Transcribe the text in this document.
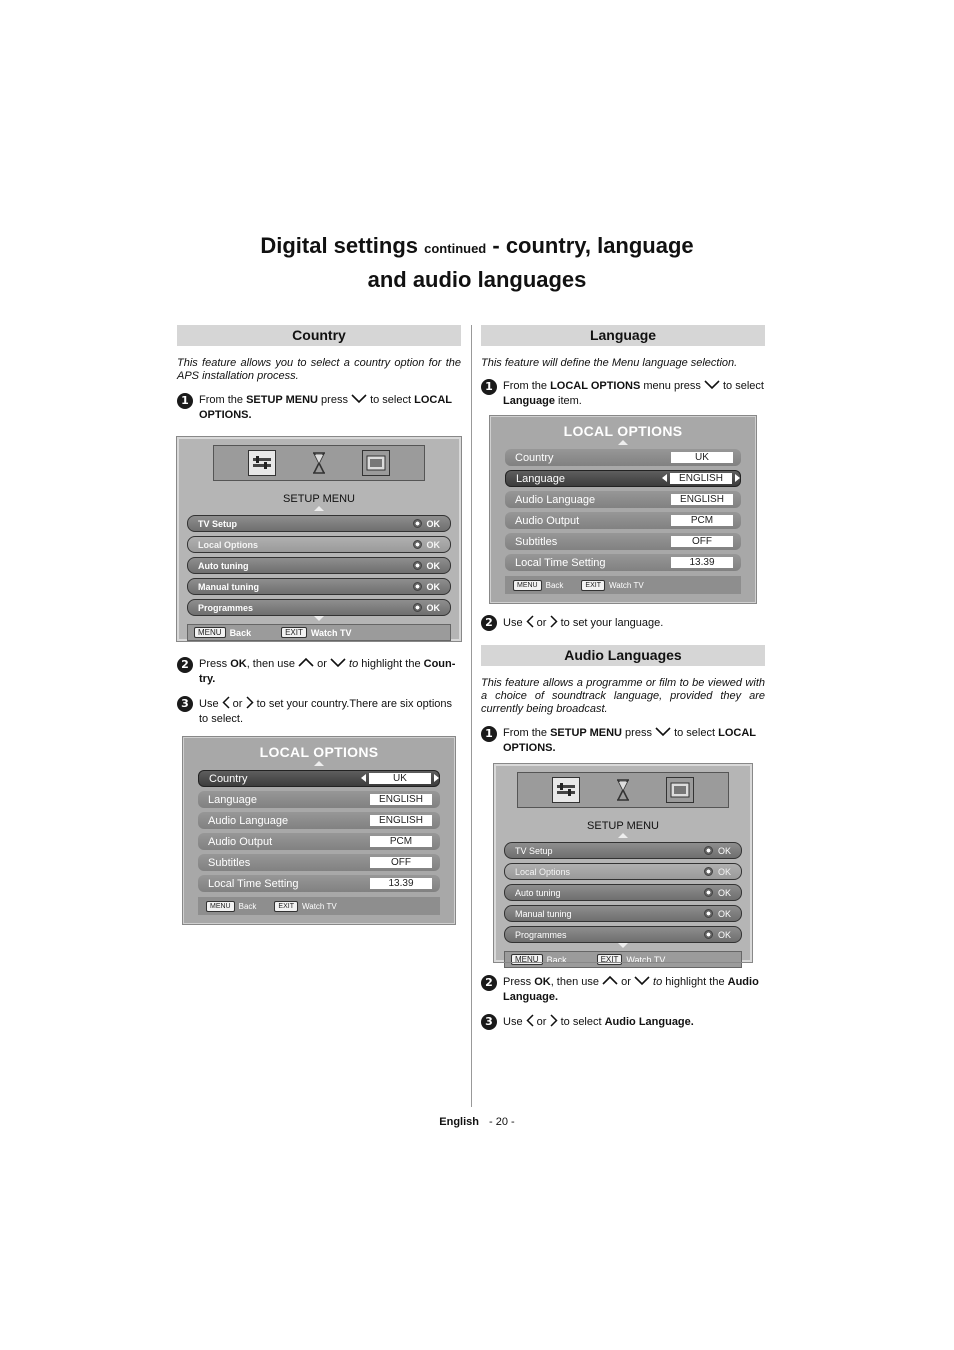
Digital settings continued - country, language
and audio languages
Country

This feature allows you to select a country option for the APS installation process.

1 From the SETUP MENU press  to select LOCAL OPTIONS.
SETUP MENU
TV Setup	OK
Local Options	OK
Auto tuning	OK
Manual tuning	OK
Programmes	OK
MENU Back	EXIT Watch TV
2 Press OK, then use  or  to highlight the Coun-try.
3 Use  or  to set your country.There are six options to select.
LOCAL OPTIONS
Country	UK
Language	ENGLISH
Audio Language	ENGLISH
Audio Output	PCM
Subtitles	OFF
Local Time Setting	13.39
MENU	Back	EXIT	Watch TV
Language

This feature will define the Menu language selection.

1 From the LOCAL OPTIONS menu press  to select Language item.
LOCAL OPTIONS
Country	UK
Language	ENGLISH
Audio Language	ENGLISH
Audio Output	PCM
Subtitles	OFF
Local Time Setting	13.39
MENU	Back	EXIT	Watch TV
2 Use  or  to set your language.
Audio Languages

This feature allows a programme or film to be viewed with a choice of soundtrack language, provided they are currently being broadcast.

1 From the SETUP MENU press  to select LOCAL OPTIONS.
SETUP MENU
TV Setup	OK
Local Options	OK
Auto tuning	OK
Manual tuning	OK
Programmes	OK
MENU Back	EXIT Watch TV
2 Press OK, then use  or  to highlight the Audio Language.
3 Use  or  to select Audio Language.
English - 20 -
